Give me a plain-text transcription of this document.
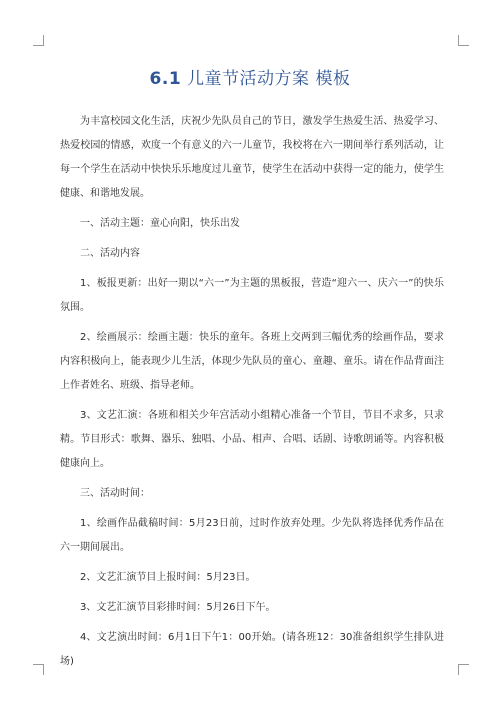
6.1 儿童节活动方案 模板

为丰富校园文化生活，庆祝少先队员自己的节日，激发学生热爱生活、热爱学习、热爱校园的情感，欢度一个有意义的六一儿童节，我校将在六一期间举行系列活动，让每一个学生在活动中快快乐乐地度过儿童节，使学生在活动中获得一定的能力，使学生健康、和谐地发展。

一、活动主题：童心向阳，快乐出发

二、活动内容

1、板报更新：出好一期以“六一”为主题的黑板报，营造“迎六一、庆六一”的快乐氛围。

2、绘画展示：绘画主题：快乐的童年。各班上交两到三幅优秀的绘画作品，要求内容积极向上，能表现少儿生活，体现少先队员的童心、童趣、童乐。请在作品背面注上作者姓名、班级、指导老师。

3、文艺汇演：各班和相关少年宫活动小组精心准备一个节目，节目不求多，只求精。节目形式：歌舞、器乐、独唱、小品、相声、合唱、话剧、诗歌朗诵等。内容积极健康向上。

三、活动时间：

1、绘画作品截稿时间：5月23日前，过时作放弃处理。少先队将选择优秀作品在六一期间展出。

2、文艺汇演节目上报时间：5月23日。

3、文艺汇演节目彩排时间：5月26日下午。

4、文艺演出时间：6月1日下午1：00开始。(请各班12：30准备组织学生排队进场)
